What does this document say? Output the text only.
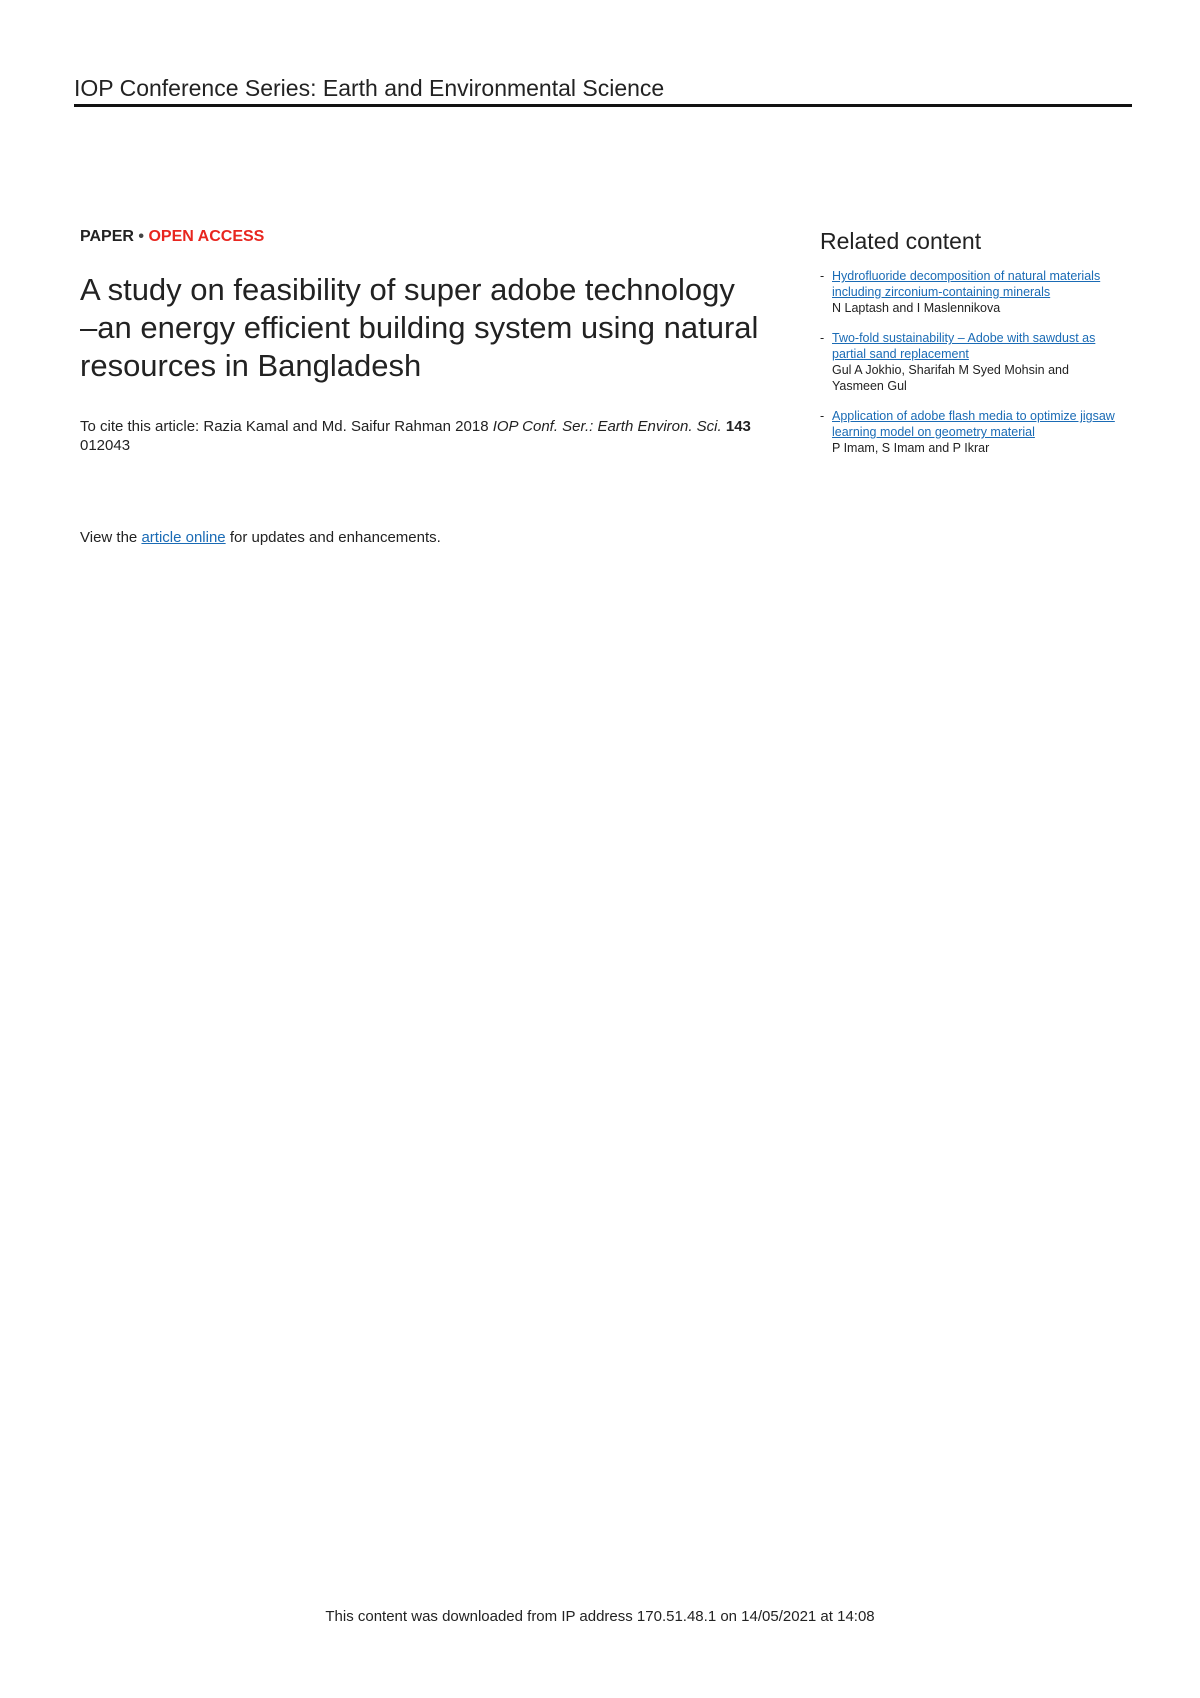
IOP Conference Series: Earth and Environmental Science
PAPER • OPEN ACCESS
A study on feasibility of super adobe technology
–an energy efficient building system using natural
resources in Bangladesh
To cite this article: Razia Kamal and Md. Saifur Rahman 2018 IOP Conf. Ser.: Earth Environ. Sci. 143
012043
View the article online for updates and enhancements.
Related content
- Hydrofluoride decomposition of natural materials including zirconium-containing minerals
N Laptash and I Maslennikova
- Two-fold sustainability – Adobe with sawdust as partial sand replacement
Gul A Jokhio, Sharifah M Syed Mohsin and Yasmeen Gul
- Application of adobe flash media to optimize jigsaw learning model on geometry material
P Imam, S Imam and P Ikrar
This content was downloaded from IP address 170.51.48.1 on 14/05/2021 at 14:08
